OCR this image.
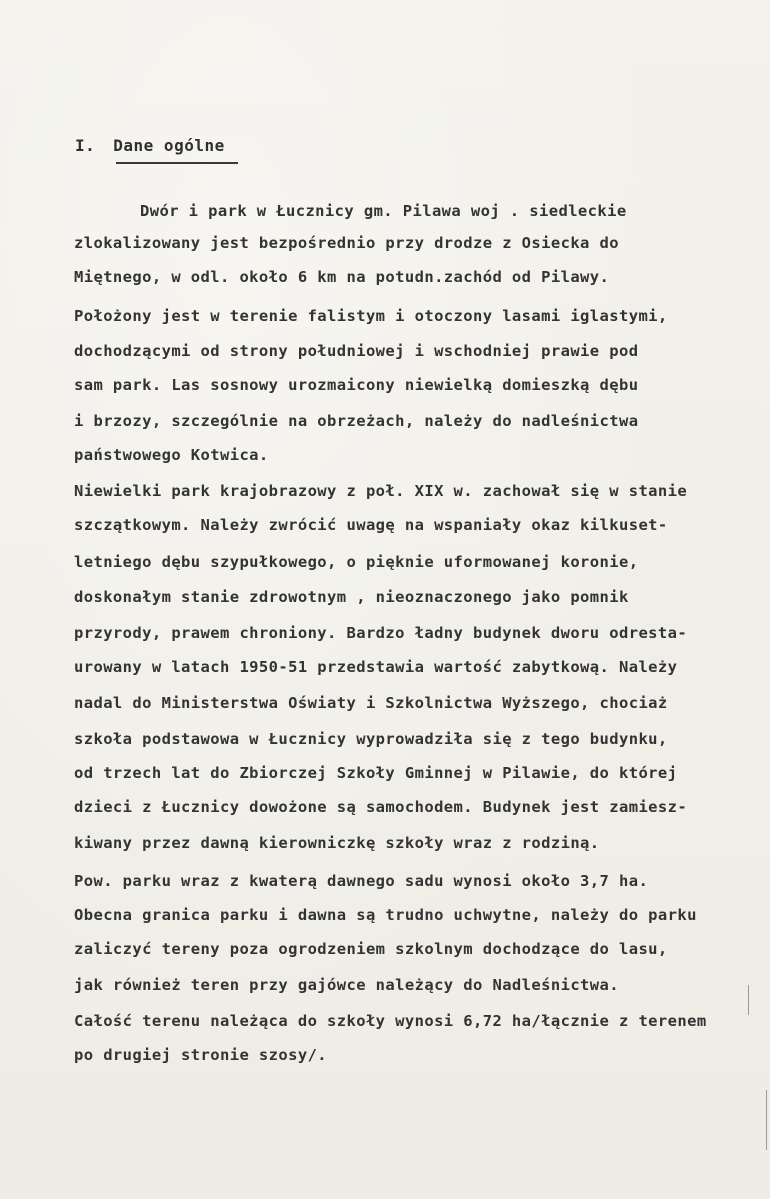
I. Dane ogólne
Dwór i park w Łucznicy gm. Pilawa woj . siedleckie
zlokalizowany jest bezpośrednio przy drodze z Osiecka do
Miętnego, w odl. około 6 km na potudn.zachód od Pilawy.
Położony jest w terenie falistym i otoczony lasami iglastymi,
dochodzącymi od strony południowej i wschodniej prawie pod
sam park. Las sosnowy urozmaicony niewielką domieszką dębu
i brzozy, szczególnie na obrzeżach, należy do nadleśnictwa
państwowego Kotwica.
Niewielki park krajobrazowy z poł. XIX w. zachował się w stanie
szczątkowym. Należy zwrócić uwagę na wspaniały okaz kilkuset-
letniego dębu szypułkowego, o pięknie uformowanej koronie,
doskonałym stanie zdrowotnym , nieoznaczonego jako pomnik
przyrody, prawem chroniony. Bardzo ładny budynek dworu odresta-
urowany w latach 1950-51 przedstawia wartość zabytkową. Należy
nadal do Ministerstwa Oświaty i Szkolnictwa Wyższego, chociaż
szkoła podstawowa w Łucznicy wyprowadziła się z tego budynku,
od trzech lat do Zbiorczej Szkoły Gminnej w Pilawie, do której
dzieci z Łucznicy dowożone są samochodem. Budynek jest zamiesz-
kiwany przez dawną kierowniczkę szkoły wraz z rodziną.
Pow. parku wraz z kwaterą dawnego sadu wynosi około 3,7 ha.
Obecna granica parku i dawna są trudno uchwytne, należy do parku
zaliczyć tereny poza ogrodzeniem szkolnym dochodzące do lasu,
jak również teren przy gajówce należący do Nadleśnictwa.
Całość terenu należąca do szkoły wynosi 6,72 ha/łącznie z terenem
po drugiej stronie szosy/.
